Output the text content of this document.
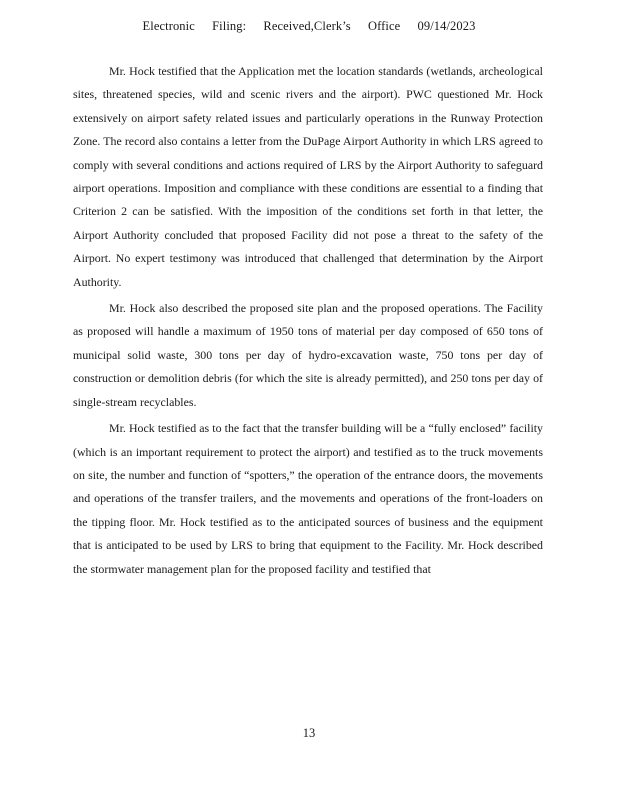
Electronic Filing: Received,Clerk’s Office 09/14/2023

Mr. Hock testified that the Application met the location standards (wetlands, archeological sites, threatened species, wild and scenic rivers and the airport). PWC questioned Mr. Hock extensively on airport safety related issues and particularly operations in the Runway Protection Zone. The record also contains a letter from the DuPage Airport Authority in which LRS agreed to comply with several conditions and actions required of LRS by the Airport Authority to safeguard airport operations. Imposition and compliance with these conditions are essential to a finding that Criterion 2 can be satisfied. With the imposition of the conditions set forth in that letter, the Airport Authority concluded that proposed Facility did not pose a threat to the safety of the Airport. No expert testimony was introduced that challenged that determination by the Airport Authority.

Mr. Hock also described the proposed site plan and the proposed operations. The Facility as proposed will handle a maximum of 1950 tons of material per day composed of 650 tons of municipal solid waste, 300 tons per day of hydro-excavation waste, 750 tons per day of construction or demolition debris (for which the site is already permitted), and 250 tons per day of single-stream recyclables.

Mr. Hock testified as to the fact that the transfer building will be a “fully enclosed” facility (which is an important requirement to protect the airport) and testified as to the truck movements on site, the number and function of “spotters,” the operation of the entrance doors, the movements and operations of the transfer trailers, and the movements and operations of the front-loaders on the tipping floor. Mr. Hock testified as to the anticipated sources of business and the equipment that is anticipated to be used by LRS to bring that equipment to the Facility. Mr. Hock described the stormwater management plan for the proposed facility and testified that

13
